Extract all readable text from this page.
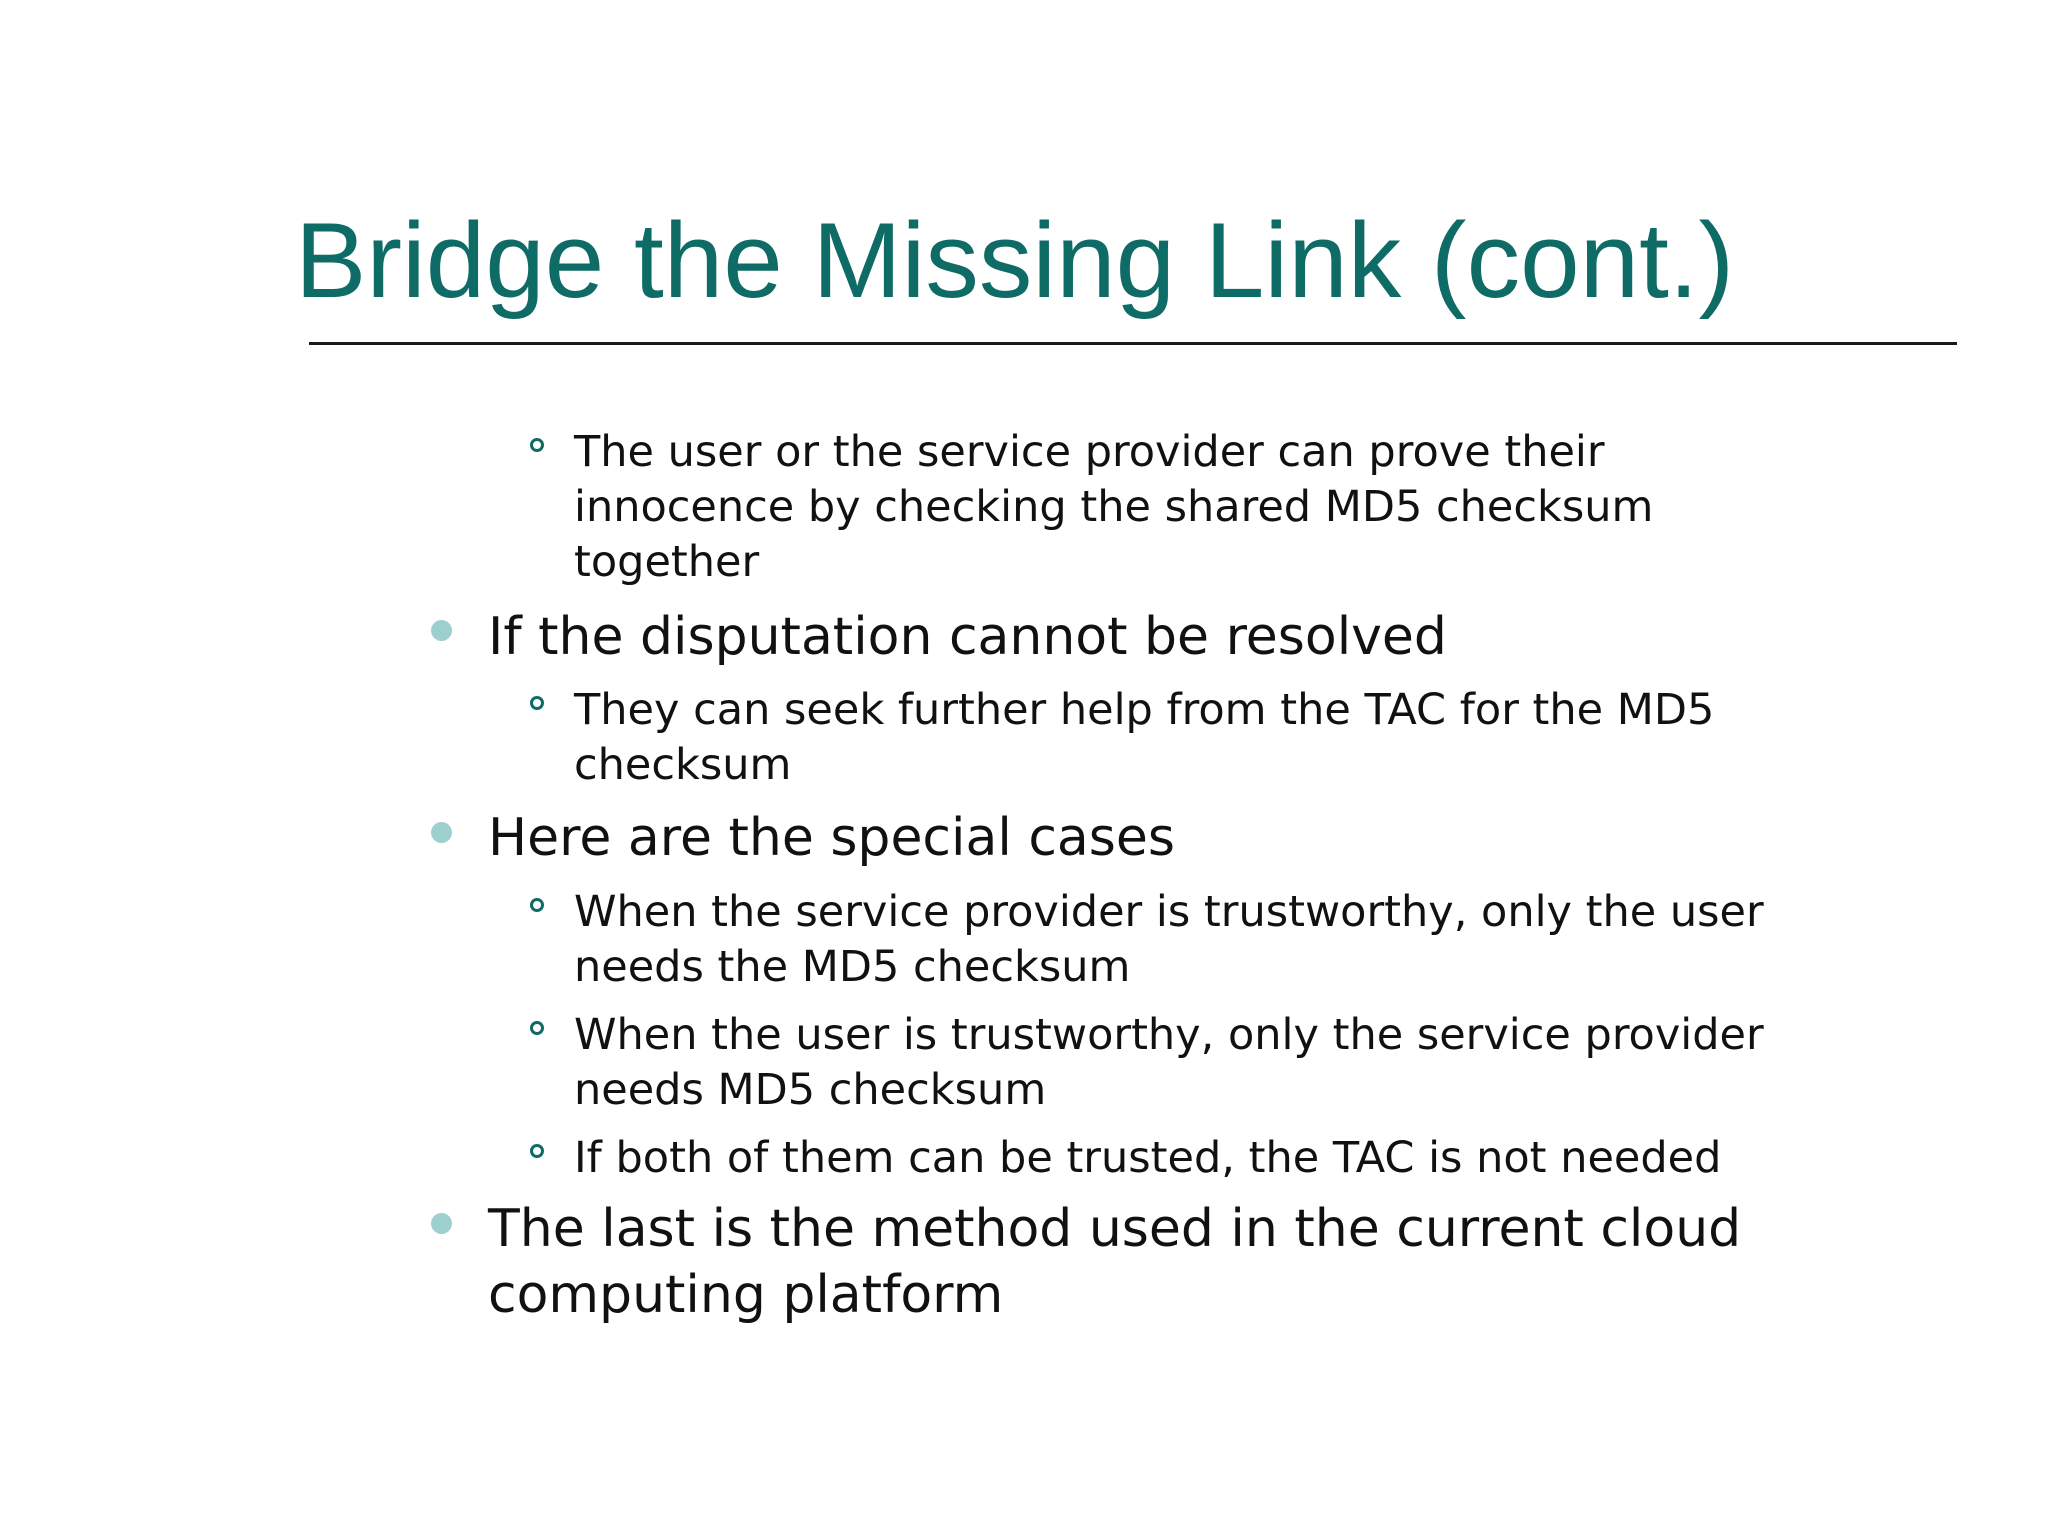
Bridge the Missing Link (cont.)
The user or the service provider can prove their
innocence by checking the shared MD5 checksum
together
If the disputation cannot be resolved
They can seek further help from the TAC for the MD5
checksum
Here are the special cases
When the service provider is trustworthy, only the user
needs the MD5 checksum
When the user is trustworthy, only the service provider
needs MD5 checksum
If both of them can be trusted, the TAC is not needed
The last is the method used in the current cloud
computing platform
